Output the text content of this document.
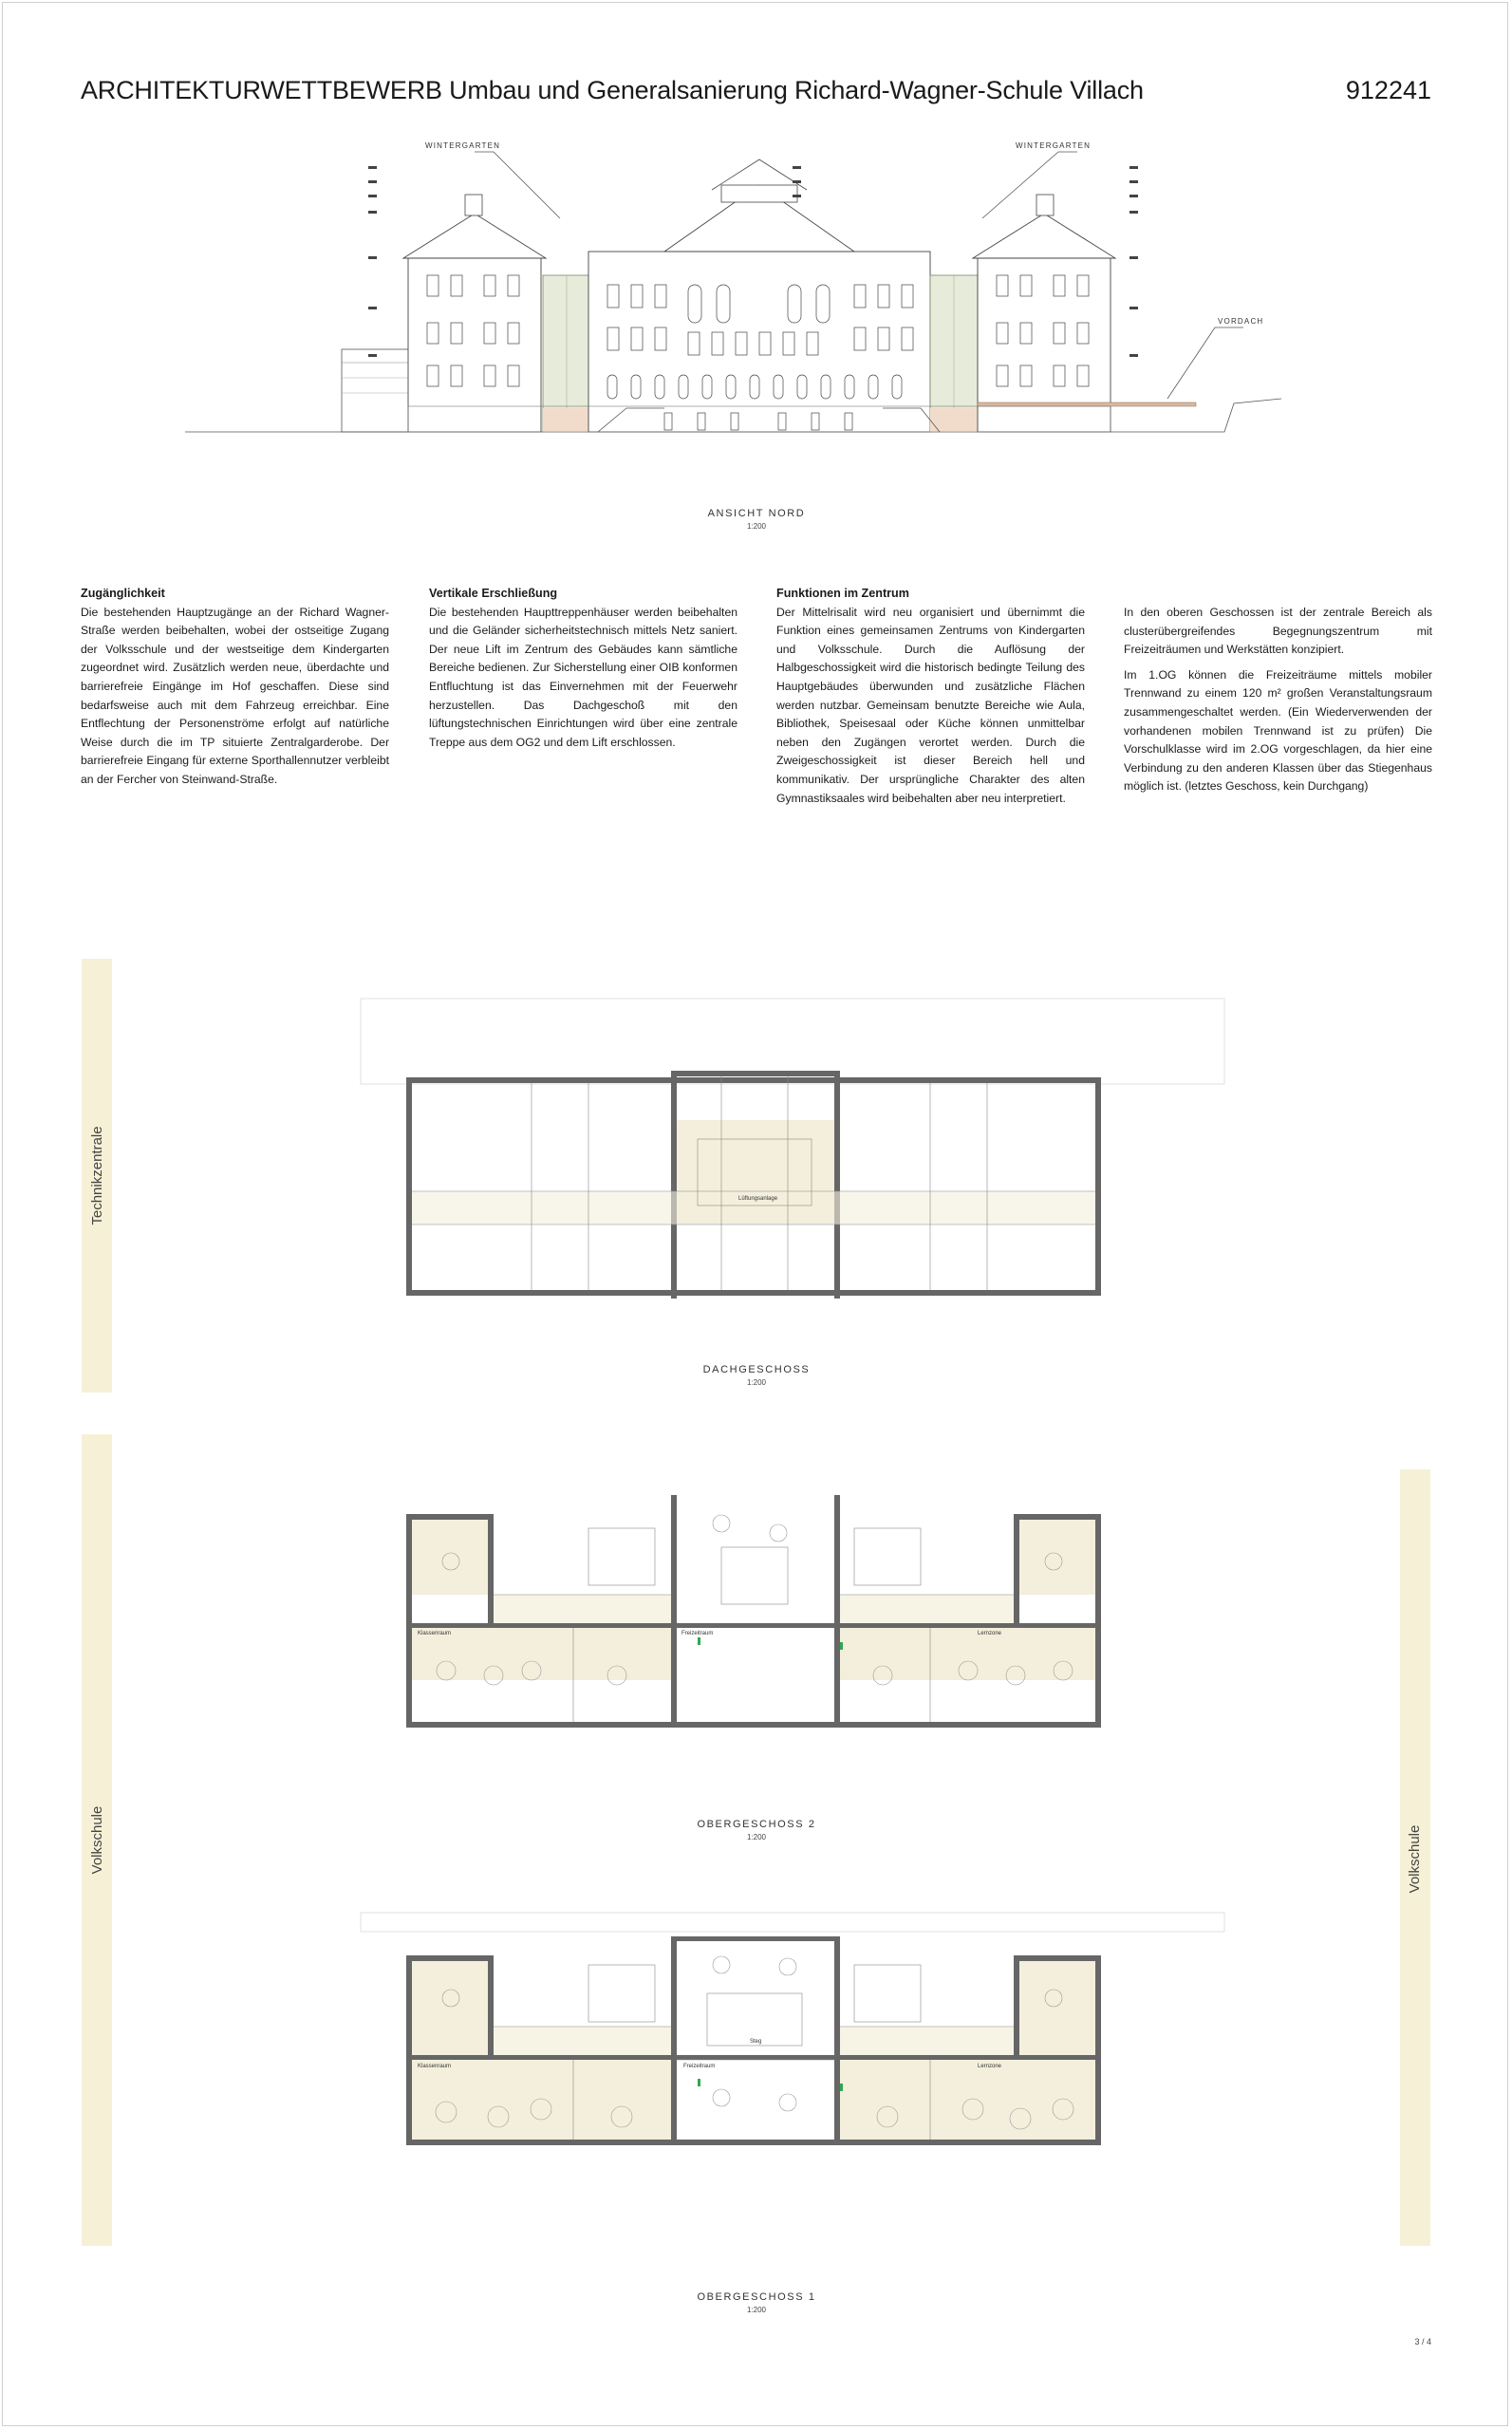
ARCHITEKTURWETTBEWERB Umbau und Generalsanierung Richard-Wagner-Schule Villach	912241
WINTERGARTEN	WINTERGARTEN
VORDACH
ANSICHT NORD
1:200
Zugänglichkeit

Die bestehenden Hauptzugänge an der Richard Wagner-Straße werden beibehalten, wobei der ostseitige Zugang der Volksschule und der westseitige dem Kindergarten zugeordnet wird. Zusätzlich werden neue, überdachte und barrierefreie Eingänge im Hof geschaffen. Diese sind bedarfsweise auch mit dem Fahrzeug erreichbar. Eine Entflechtung der Personenströme erfolgt auf natürliche Weise durch die im TP situierte Zentralgarderobe. Der barrierefreie Eingang für externe Sporthallennutzer verbleibt an der Fercher von Steinwand-Straße.

Vertikale Erschließung

Die bestehenden Haupttreppenhäuser werden beibehalten und die Geländer sicherheitstechnisch mittels Netz saniert. Der neue Lift im Zentrum des Gebäudes kann sämtliche Bereiche bedienen. Zur Sicherstellung einer OIB konformen Entfluchtung ist das Einvernehmen mit der Feuerwehr herzustellen. Das Dachgeschoß mit den lüftungstechnischen Einrichtungen wird über eine zentrale Treppe aus dem OG2 und dem Lift erschlossen.

Funktionen im Zentrum

Der Mittelrisalit wird neu organisiert und übernimmt die Funktion eines gemeinsamen Zentrums von Kindergarten und Volksschule. Durch die Auflösung der Halbgeschossigkeit wird die historisch bedingte Teilung des Hauptgebäudes überwunden und zusätzliche Flächen werden nutzbar. Gemeinsam benutzte Bereiche wie Aula, Bibliothek, Speisesaal oder Küche können unmittelbar neben den Zugängen verortet werden. Durch die Zweigeschossigkeit ist dieser Bereich hell und kommunikativ. Der ursprüngliche Charakter des alten Gymnastiksaales wird beibehalten aber neu interpretiert.

In den oberen Geschossen ist der zentrale Bereich als clusterübergreifendes Begegnungszentrum mit Freizeiträumen und Werkstätten konzipiert.

Im 1.OG können die Freizeiträume mittels mobiler Trennwand zu einem 120 m² großen Veranstaltungsraum zusammengeschaltet werden. (Ein Wiederverwenden der vorhandenen mobilen Trennwand ist zu prüfen) Die Vorschulklasse wird im 2.OG vorgeschlagen, da hier eine Verbindung zu den anderen Klassen über das Stiegenhaus möglich ist. (letztes Geschoss, kein Durchgang)

Technikzentrale
Volkschule	Volkschule
Lüftungsanlage
DACHGESCHOSS
1:200
Klassenraum	Lernzone
Freizeitraum
OBERGESCHOSS 2
1:200
Klassenraum	Lernzone
Steg
Freizeitraum
OBERGESCHOSS 1
1:200
3 / 4
